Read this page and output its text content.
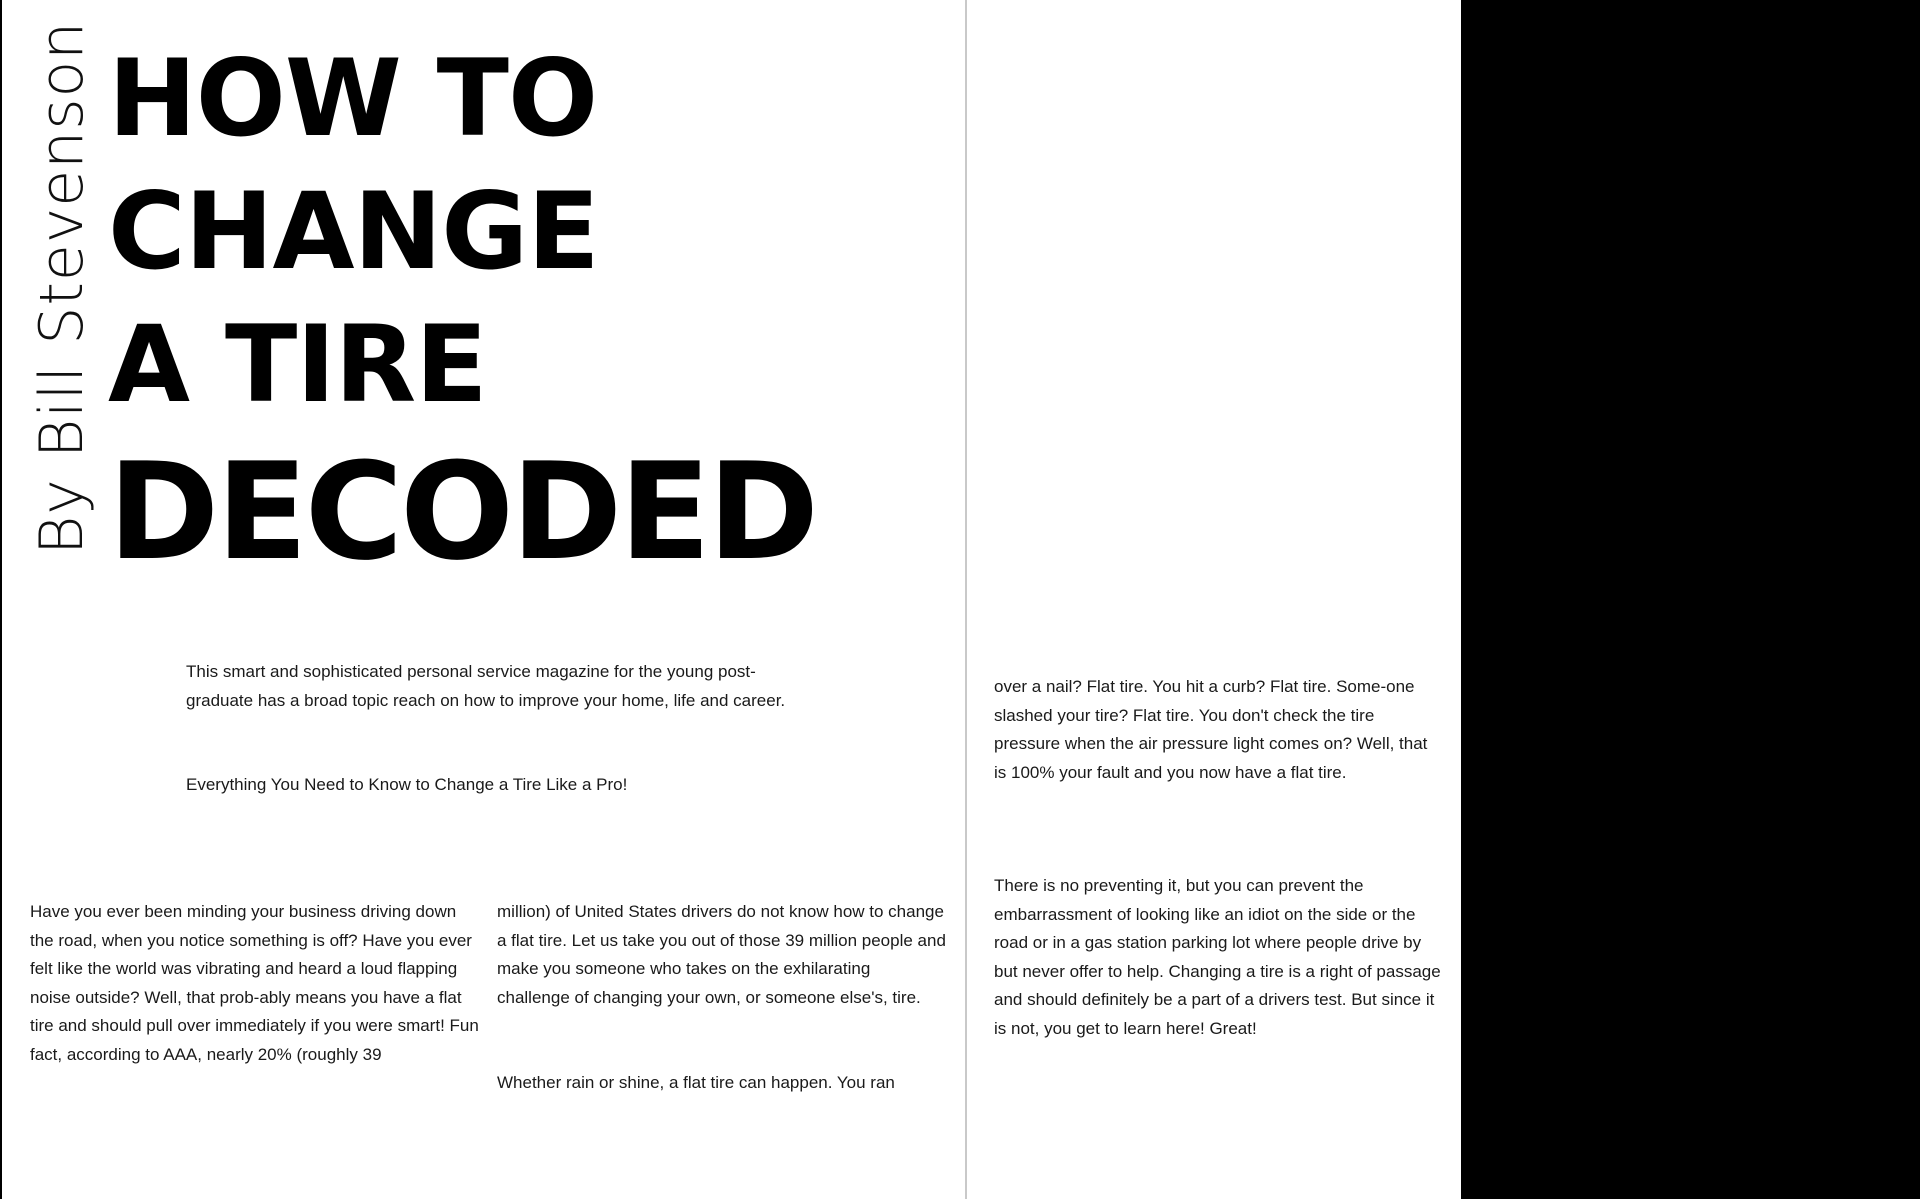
By Bill Stevenson HOW TO
CHANGE
A TIRE
DECODED

This smart and sophisticated personal service magazine for the young post-graduate has a broad topic reach on how to improve your home, life and career.

Everything You Need to Know to Change a Tire Like a Pro!

Have you ever been minding your business driving down the road, when you notice something is off? Have you ever felt like the world was vibrating and heard a loud flapping noise outside? Well, that prob-ably means you have a flat tire and should pull over immediately if you were smart! Fun fact, according to AAA, nearly 20% (roughly 39

million) of United States drivers do not know how to change a flat tire. Let us take you out of those 39 million people and make you someone who takes on the exhilarating challenge of changing your own, or someone else's, tire.

Whether rain or shine, a flat tire can happen. You ran

over a nail? Flat tire. You hit a curb? Flat tire. Some-one slashed your tire? Flat tire. You don't check the tire pressure when the air pressure light comes on? Well, that is 100% your fault and you now have a flat tire.

There is no preventing it, but you can prevent the embarrassment of looking like an idiot on the side or the road or in a gas station parking lot where people drive by but never offer to help. Changing a tire is a right of passage and should definitely be a part of a drivers test. But since it is not, you get to learn here! Great!
